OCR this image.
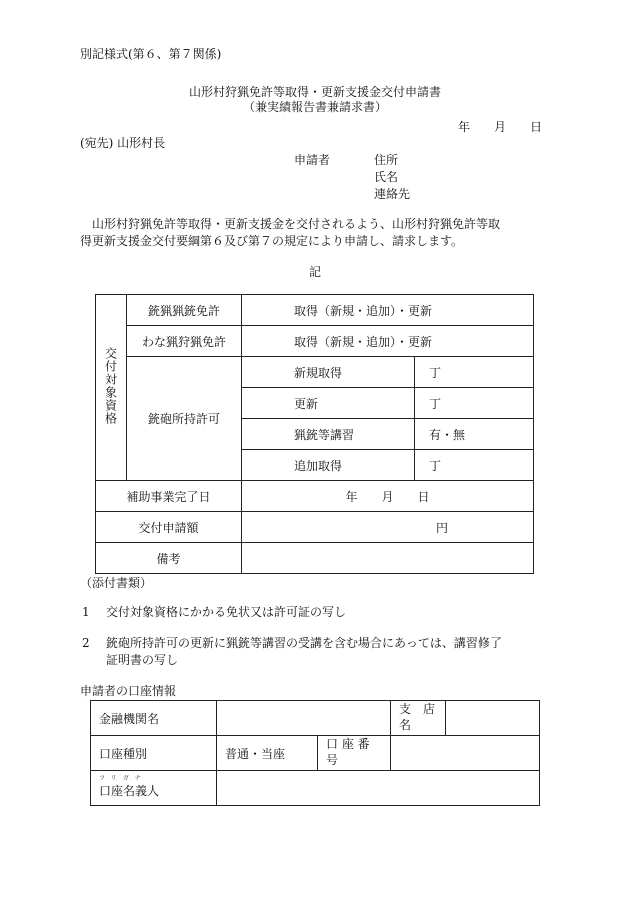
別記様式(第６、第７関係)
山形村狩猟免許等取得・更新支援金交付申請書
（兼実績報告書兼請求書）
年　　月　　日
(宛先) 山形村長
申請者	住所
氏名
連絡先
山形村狩猟免許等取得・更新支援金を交付されるよう、山形村狩猟免許等取
得更新支援金交付要綱第６及び第７の規定により申請し、請求します。
記
交付対象資格	銃猟猟銃免許	取得（新規・追加）・更新	
	わな猟狩猟免許	取得（新規・追加）・更新	
	銃砲所持許可	新規取得	丁
		更新	丁
		猟銃等講習	有・無
		追加取得	丁
補助事業完了日		年　　月　　日	
交付申請額		円	
備考			
（添付書類）
1 交付対象資格にかかる免状又は許可証の写し
2 銃砲所持許可の更新に猟銃等講習の受講を含む場合にあっては、講習修了
証明書の写し
申請者の口座情報
金融機関名			支　店
名	

口座種別	普通・当座	口 座 番
号		

フリガナ
口座名義人				
